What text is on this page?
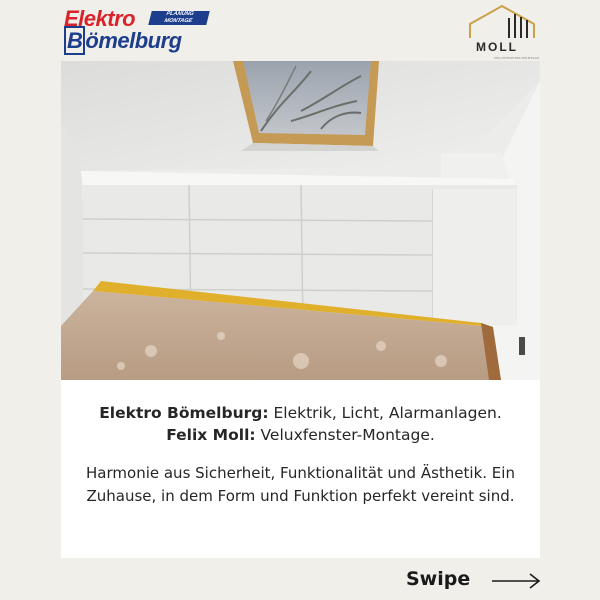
Elektro	PLANUNG
MONTAGE
B ömelburg	MOLL
VELUXFENSTER-MONTAGE
Elektro Bömelburg: Elektrik, Licht, Alarmanlagen.
Felix Moll: Veluxfenster-Montage.
Harmonie aus Sicherheit, Funktionalität und Ästhetik. Ein Zuhause, in dem Form und Funktion perfekt vereint sind.
Swipe
